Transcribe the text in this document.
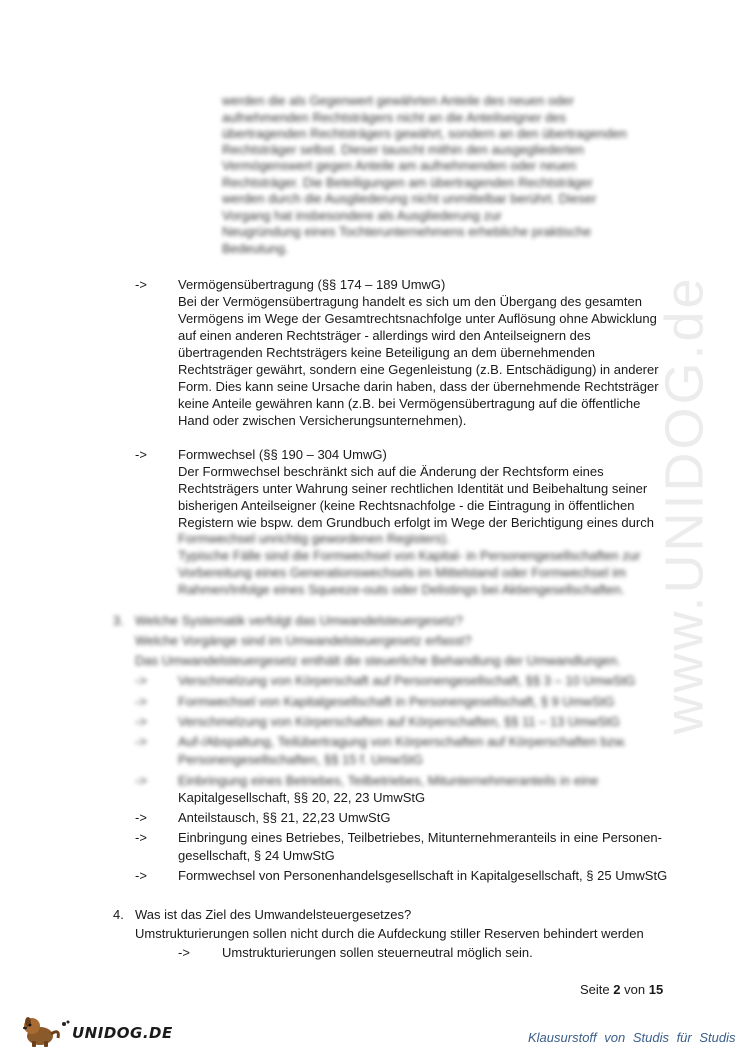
www.UNIDOG.de
werden die als Gegenwert gewährten Anteile des neuen oder
aufnehmenden Rechtsträgers nicht an die Anteilseigner des
übertragenden Rechtsträgers gewährt, sondern an den übertragenden
Rechtsträger selbst. Dieser tauscht mithin den ausgegliederten
Vermögenswert gegen Anteile am aufnehmenden oder neuen
Rechtsträger. Die Beteiligungen am übertragenden Rechtsträger
werden durch die Ausgliederung nicht unmittelbar berührt. Dieser
Vorgang hat insbesondere als Ausgliederung zur
Neugründung eines Tochterunternehmens erhebliche praktische
Bedeutung.
-> Vermögensübertragung (§§ 174 – 189 UmwG)
Bei der Vermögensübertragung handelt es sich um den Übergang des gesamten
Vermögens im Wege der Gesamtrechtsnachfolge unter Auflösung ohne Abwicklung
auf einen anderen Rechtsträger - allerdings wird den Anteilseignern des
übertragenden Rechtsträgers keine Beteiligung an dem übernehmenden
Rechtsträger gewährt, sondern eine Gegenleistung (z.B. Entschädigung) in anderer
Form. Dies kann seine Ursache darin haben, dass der übernehmende Rechtsträger
keine Anteile gewähren kann (z.B. bei Vermögensübertragung auf die öffentliche
Hand oder zwischen Versicherungsunternehmen).
-> Formwechsel (§§ 190 – 304 UmwG)
Der Formwechsel beschränkt sich auf die Änderung der Rechtsform eines
Rechtsträgers unter Wahrung seiner rechtlichen Identität und Beibehaltung seiner
bisherigen Anteilseigner (keine Rechtsnachfolge - die Eintragung in öffentlichen
Registern wie bspw. dem Grundbuch erfolgt im Wege der Berichtigung eines durch
Formwechsel unrichtig gewordenen Registers).
Typische Fälle sind die Formwechsel von Kapital- in Personengesellschaften zur
Vorbereitung eines Generationswechsels im Mittelstand oder Formwechsel im
Rahmen/Infolge eines Squeeze-outs oder Delistings bei Aktiengesellschaften.
3. Welche Systematik verfolgt das Umwandelsteuergesetz?
Welche Vorgänge sind im Umwandelsteuergesetz erfasst?
Das Umwandelsteuergesetz enthält die steuerliche Behandlung der Umwandlungen.
-> Verschmelzung von Körperschaft auf Personengesellschaft, §§ 3 – 10 UmwStG
-> Formwechsel von Kapitalgesellschaft in Personengesellschaft, § 9 UmwStG
-> Verschmelzung von Körperschaften auf Körperschaften, §§ 11 – 13 UmwStG
-> Auf-/Abspaltung, Teilübertragung von Körperschaften auf Körperschaften bzw.
Personengesellschaften, §§ 15 f. UmwStG
-> Einbringung eines Betriebes, Teilbetriebes, Mitunternehmeranteils in eine
Kapitalgesellschaft, §§ 20, 22, 23 UmwStG
-> Anteilstausch, §§ 21, 22,23 UmwStG
-> Einbringung eines Betriebes, Teilbetriebes, Mitunternehmeranteils in eine Personen-
gesellschaft, § 24 UmwStG
-> Formwechsel von Personenhandelsgesellschaft in Kapitalgesellschaft, § 25 UmwStG
4. Was ist das Ziel des Umwandelsteuergesetzes?
Umstrukturierungen sollen nicht durch die Aufdeckung stiller Reserven behindert werden
-> Umstrukturierungen sollen steuerneutral möglich sein.
Seite 2 von 15
UNIDOG.DE	Klausurstoff von Studis für Studis
